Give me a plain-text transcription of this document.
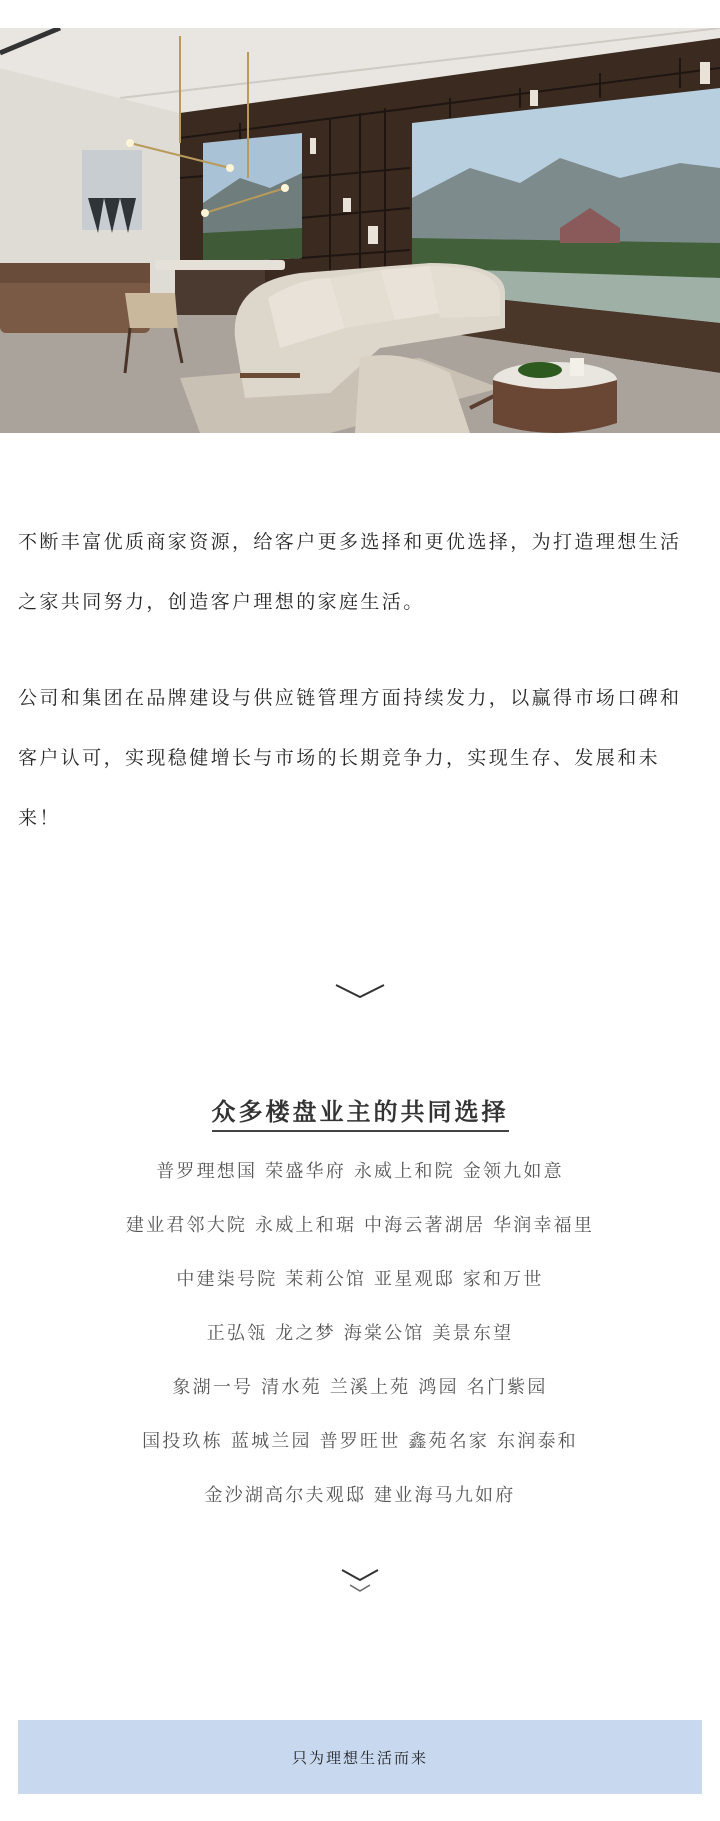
不断丰富优质商家资源，给客户更多选择和更优选择，为打造理想生活之家共同努力，创造客户理想的家庭生活。

公司和集团在品牌建设与供应链管理方面持续发力，以赢得市场口碑和客户认可，实现稳健增长与市场的长期竞争力，实现生存、发展和未来！

众多楼盘业主的共同选择
普罗理想国 荣盛华府 永威上和院 金领九如意
建业君邻大院 永威上和琚 中海云著湖居 华润幸福里
中建柒号院 茉莉公馆 亚星观邸 家和万世
正弘瓴 龙之梦 海棠公馆 美景东望
象湖一号 清水苑 兰溪上苑 鸿园 名门紫园
国投玖栋 蓝城兰园 普罗旺世 鑫苑名家 东润泰和
金沙湖高尔夫观邸 建业海马九如府
只为理想生活而来
